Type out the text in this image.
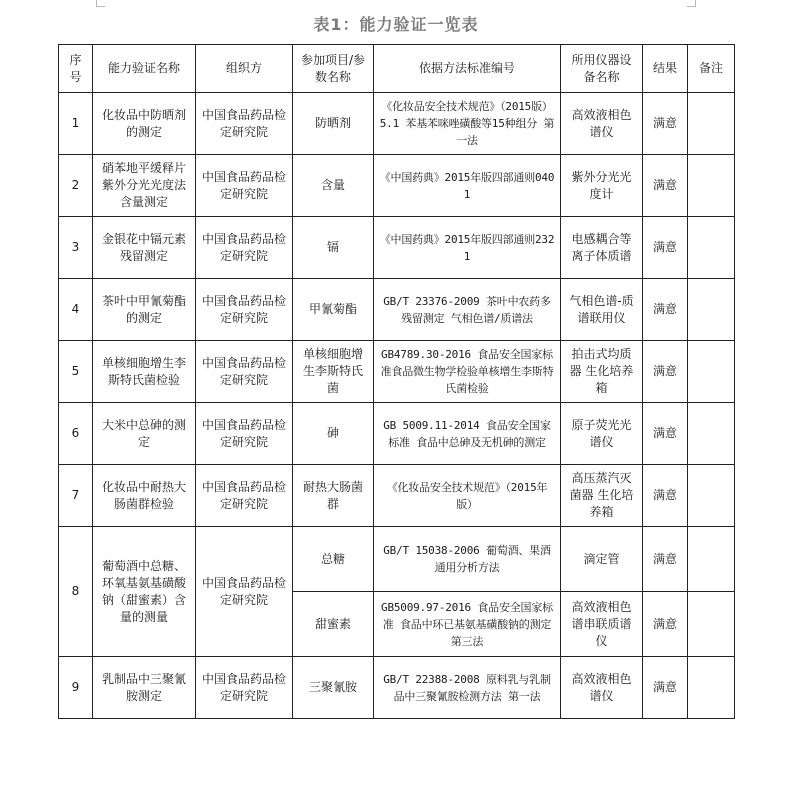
表1：能力验证一览表
序号	能力验证名称	组织方	参加项目/参数名称	依据方法标准编号	所用仪器设备名称	结果	备注
1	化妆品中防晒剂的测定	中国食品药品检定研究院	防晒剂	《化妆品安全技术规范》（2015版）5.1 苯基苯咪唑磺酸等15种组分 第一法	高效液相色谱仪	满意	
2	硝苯地平缓释片紫外分光光度法含量测定	中国食品药品检定研究院	含量	《中国药典》2015年版四部通则0401	紫外分光光度计	满意	
3	金银花中镉元素残留测定	中国食品药品检定研究院	镉	《中国药典》2015年版四部通则2321	电感耦合等离子体质谱	满意	
4	茶叶中甲氰菊酯的测定	中国食品药品检定研究院	甲氰菊酯	GB/T 23376-2009 茶叶中农药多残留测定 气相色谱/质谱法	气相色谱-质谱联用仪	满意	
5	单核细胞增生李斯特氏菌检验	中国食品药品检定研究院	单核细胞增生李斯特氏菌	GB4789.30-2016 食品安全国家标准食品微生物学检验单核增生李斯特氏菌检验	拍击式均质器 生化培养箱	满意	
6	大米中总砷的测定	中国食品药品检定研究院	砷	GB 5009.11-2014 食品安全国家标准 食品中总砷及无机砷的测定	原子荧光光谱仪	满意	
7	化妆品中耐热大肠菌群检验	中国食品药品检定研究院	耐热大肠菌群	《化妆品安全技术规范》（2015年版）	高压蒸汽灭菌器 生化培养箱	满意	
8	葡萄酒中总糖、环氧基氨基磺酸钠（甜蜜素）含量的测量	中国食品药品检定研究院	总糖	GB/T 15038-2006 葡萄酒、果酒通用分析方法	滴定管	满意	
			甜蜜素	GB5009.97-2016 食品安全国家标准 食品中环已基氨基磺酸钠的测定 第三法	高效液相色谱串联质谱仪	满意	
9	乳制品中三聚氰胺测定	中国食品药品检定研究院	三聚氰胺	GB/T 22388-2008 原料乳与乳制品中三聚氰胺检测方法 第一法	高效液相色谱仪	满意	
